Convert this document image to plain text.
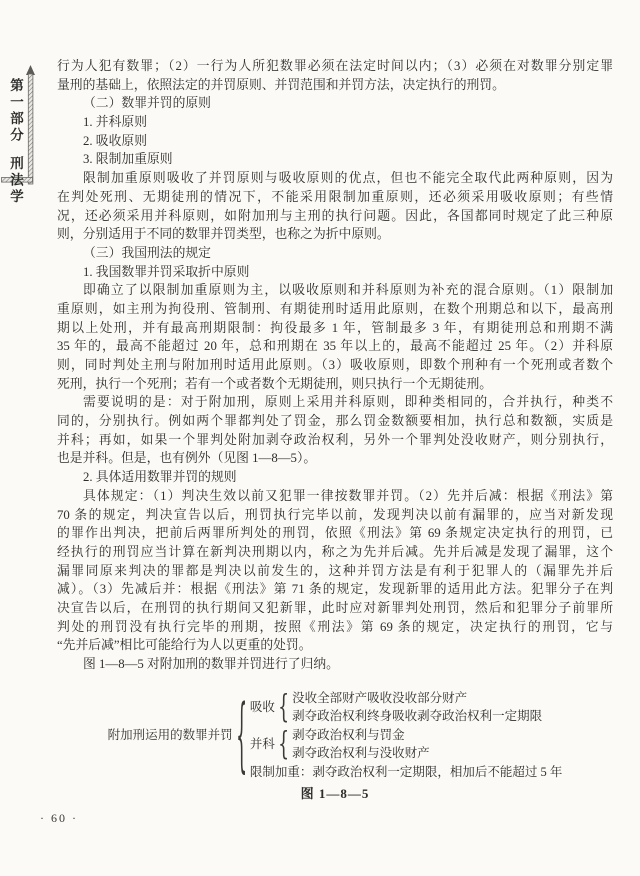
第一部分刑法学
行为人犯有数罪；（2）一行为人所犯数罪必须在法定时间以内；（3）必须在对数罪分别定罪
量刑的基础上，依照法定的并罚原则、并罚范围和并罚方法，决定执行的刑罚。
（二）数罪并罚的原则
1. 并科原则
2. 吸收原则
3. 限制加重原则
限制加重原则吸收了并罚原则与吸收原则的优点，但也不能完全取代此两种原则，因为
在判处死刑、无期徒刑的情况下，不能采用限制加重原则，还必须采用吸收原则；有些情
况，还必须采用并科原则，如附加刑与主刑的执行问题。因此，各国都同时规定了此三种原
则，分别适用于不同的数罪并罚类型，也称之为折中原则。
（三）我国刑法的规定
1. 我国数罪并罚采取折中原则
即确立了以限制加重原则为主，以吸收原则和并科原则为补充的混合原则。（1）限制加
重原则，如主刑为拘役刑、管制刑、有期徒刑时适用此原则，在数个刑期总和以下，最高刑
期以上处刑，并有最高刑期限制：拘役最多 1 年，管制最多 3 年，有期徒刑总和刑期不满
35 年的，最高不能超过 20 年，总和刑期在 35 年以上的，最高不能超过 25 年。（2）并科原
则，同时判处主刑与附加刑时适用此原则。（3）吸收原则，即数个刑种有一个死刑或者数个
死刑，执行一个死刑；若有一个或者数个无期徒刑，则只执行一个无期徒刑。
需要说明的是：对于附加刑，原则上采用并科原则，即种类相同的，合并执行，种类不
同的，分别执行。例如两个罪都判处了罚金，那么罚金数额要相加，执行总和数额，实质是
并科；再如，如果一个罪判处附加剥夺政治权利，另外一个罪判处没收财产，则分别执行，
也是并科。但是，也有例外（见图 1—8—5）。
2. 具体适用数罪并罚的规则
具体规定：（1）判决生效以前又犯罪一律按数罪并罚。（2）先并后减：根据《刑法》第
70 条的规定，判决宣告以后，刑罚执行完毕以前，发现判决以前有漏罪的，应当对新发现
的罪作出判决，把前后两罪所判处的刑罚，依照《刑法》第 69 条规定决定执行的刑罚，已
经执行的刑罚应当计算在新判决刑期以内，称之为先并后减。先并后减是发现了漏罪，这个
漏罪同原来判决的罪都是判决以前发生的，这种并罚方法是有利于犯罪人的（漏罪先并后
减）。（3）先减后并：根据《刑法》第 71 条的规定，发现新罪的适用此方法。犯罪分子在判
决宣告以后，在刑罚的执行期间又犯新罪，此时应对新罪判处刑罚，然后和犯罪分子前罪所
判处的刑罚没有执行完毕的刑期，按照《刑法》第 69 条的规定，决定执行的刑罚，它与
“先并后减”相比可能给行为人以更重的处罚。
图 1—8—5 对附加刑的数罪并罚进行了归纳。
附加刑运用的数罪并罚 { 吸收 { 没收全部财产吸收没收部分财产
剥夺政治权利终身吸收剥夺政治权利一定期限
并科 { 剥夺政治权利与罚金
剥夺政治权利与没收财产
限制加重：剥夺政治权利一定期限，相加后不能超过 5 年
图 1—8—5
· 60 ·
